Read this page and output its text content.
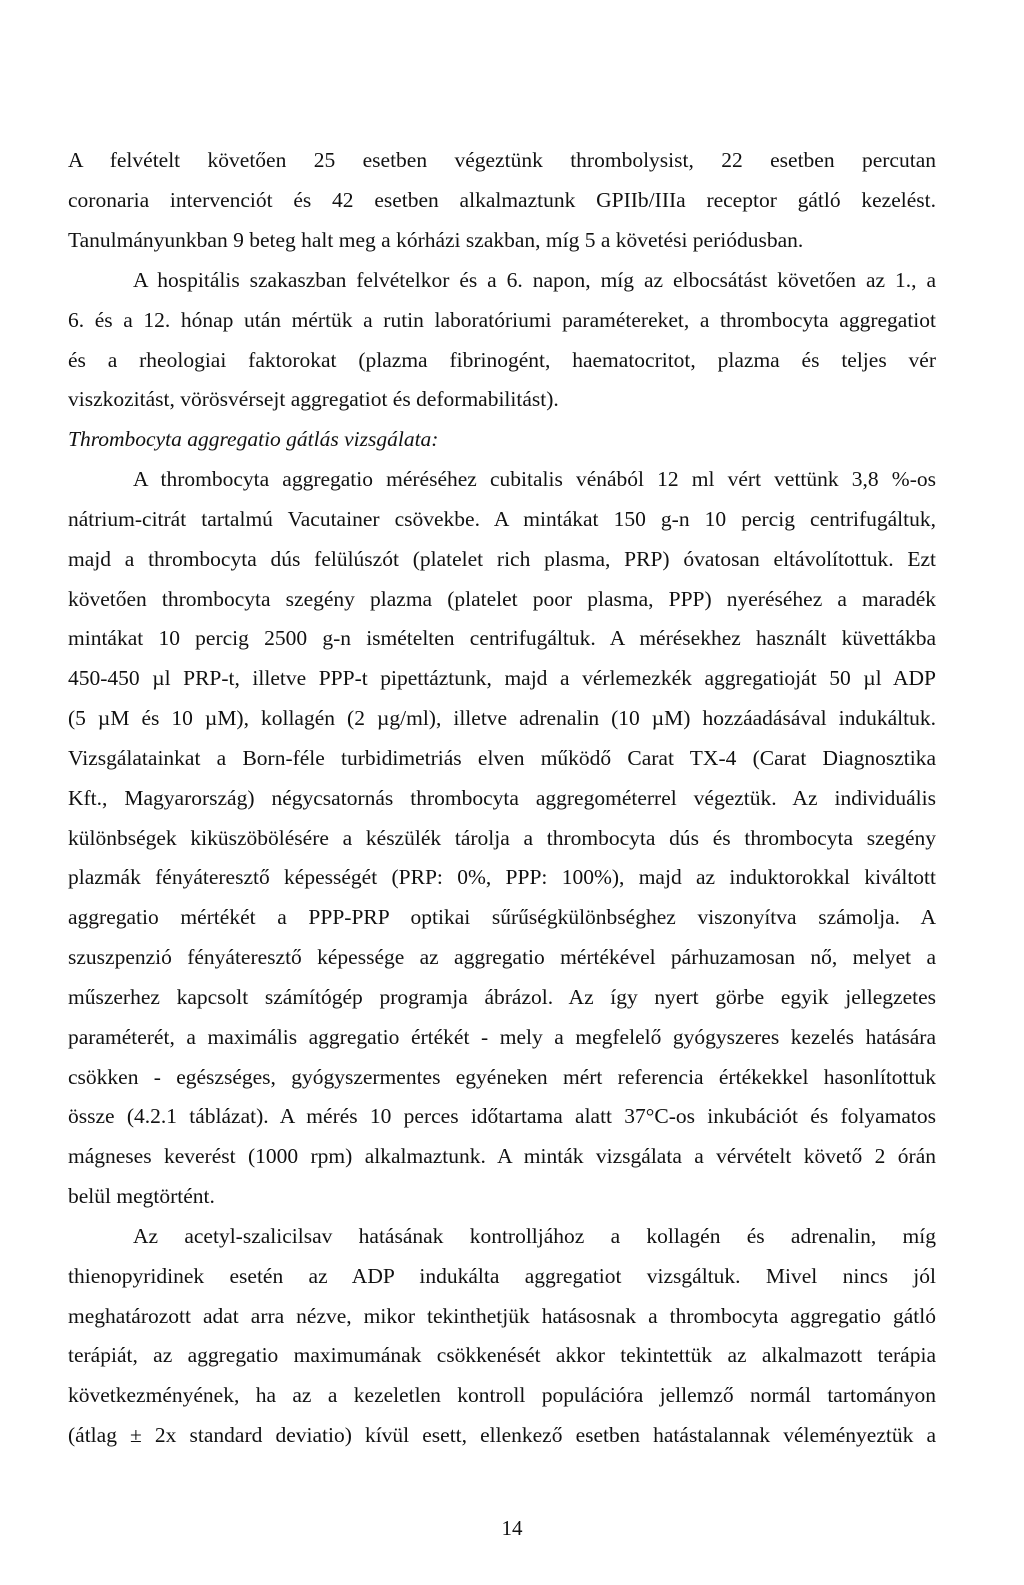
A felvételt követően 25 esetben végeztünk thrombolysist, 22 esetben percutan
coronaria intervenciót és 42 esetben alkalmaztunk GPIIb/IIIa receptor gátló kezelést.
Tanulmányunkban 9 beteg halt meg a kórházi szakban, míg 5 a követési periódusban.
A hospitális szakaszban felvételkor és a 6. napon, míg az elbocsátást követően az 1., a
6. és a 12. hónap után mértük a rutin laboratóriumi paramétereket, a thrombocyta aggregatiot
és a rheologiai faktorokat (plazma fibrinogént, haematocritot, plazma és teljes vér
viszkozitást, vörösvérsejt aggregatiot és deformabilitást).
Thrombocyta aggregatio gátlás vizsgálata:
A thrombocyta aggregatio méréséhez cubitalis vénából 12 ml vért vettünk 3,8 %-os
nátrium-citrát tartalmú Vacutainer csövekbe. A mintákat 150 g-n 10 percig centrifugáltuk,
majd a thrombocyta dús felülúszót (platelet rich plasma, PRP) óvatosan eltávolítottuk. Ezt
követően thrombocyta szegény plazma (platelet poor plasma, PPP) nyeréséhez a maradék
mintákat 10 percig 2500 g-n ismételten centrifugáltuk. A mérésekhez használt küvettákba
450-450 µl PRP-t, illetve PPP-t pipettáztunk, majd a vérlemezkék aggregatioját 50 µl ADP
(5 µM és 10 µM), kollagén (2 µg/ml), illetve adrenalin (10 µM) hozzáadásával indukáltuk.
Vizsgálatainkat a Born-féle turbidimetriás elven működő Carat TX-4 (Carat Diagnosztika
Kft., Magyarország) négycsatornás thrombocyta aggregométerrel végeztük. Az individuális
különbségek kiküszöbölésére a készülék tárolja a thrombocyta dús és thrombocyta szegény
plazmák fényáteresztő képességét (PRP: 0%, PPP: 100%), majd az induktorokkal kiváltott
aggregatio mértékét a PPP-PRP optikai sűrűségkülönbséghez viszonyítva számolja. A
szuszpenzió fényáteresztő képessége az aggregatio mértékével párhuzamosan nő, melyet a
műszerhez kapcsolt számítógép programja ábrázol. Az így nyert görbe egyik jellegzetes
paraméterét, a maximális aggregatio értékét - mely a megfelelő gyógyszeres kezelés hatására
csökken - egészséges, gyógyszermentes egyéneken mért referencia értékekkel hasonlítottuk
össze (4.2.1 táblázat). A mérés 10 perces időtartama alatt 37°C-os inkubációt és folyamatos
mágneses keverést (1000 rpm) alkalmaztunk. A minták vizsgálata a vérvételt követő 2 órán
belül megtörtént.
Az acetyl-szalicilsav hatásának kontrolljához a kollagén és adrenalin, míg
thienopyridinek esetén az ADP indukálta aggregatiot vizsgáltuk. Mivel nincs jól
meghatározott adat arra nézve, mikor tekinthetjük hatásosnak a thrombocyta aggregatio gátló
terápiát, az aggregatio maximumának csökkenését akkor tekintettük az alkalmazott terápia
következményének, ha az a kezeletlen kontroll populációra jellemző normál tartományon
(átlag ± 2x standard deviatio) kívül esett, ellenkező esetben hatástalannak véleményeztük a
14
